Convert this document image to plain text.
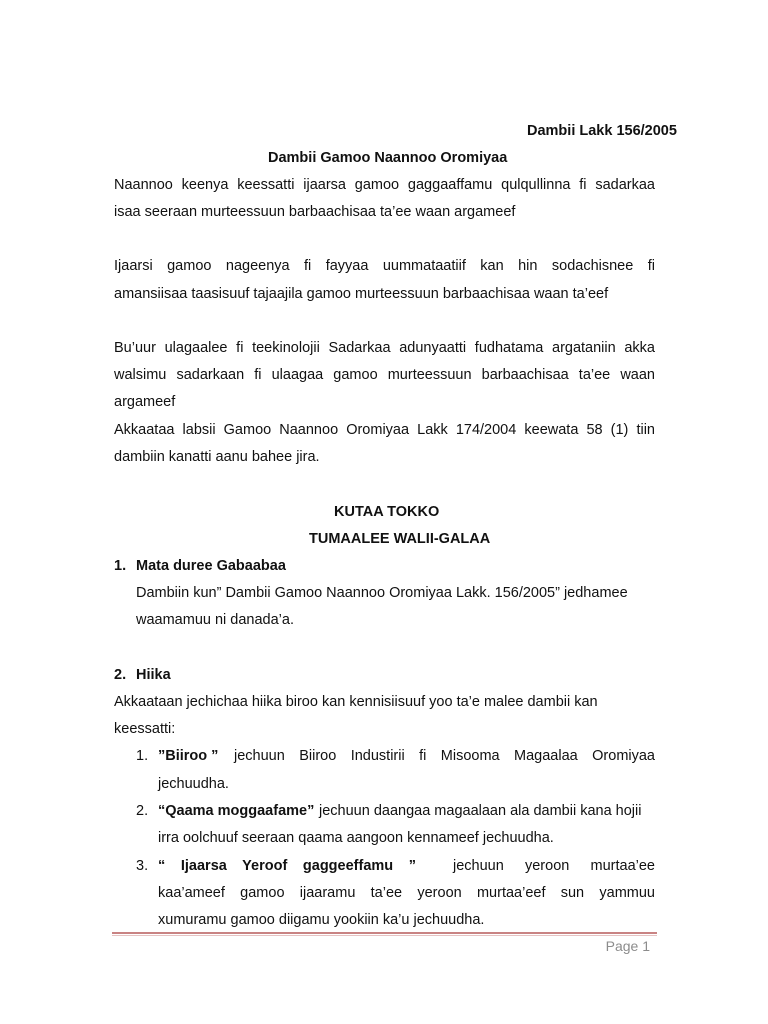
Dambii Lakk 156/2005
Dambii Gamoo Naannoo Oromiyaa
Naannoo keenya keessatti ijaarsa gamoo gaggaaffamu qulqullinna fi sadarkaa
isaa seeraan murteessuun barbaachisaa ta’ee waan argameef
Ijaarsi gamoo nageenya fi fayyaa uummataatiif kan hin sodachisnee fi
amansiisaa taasisuuf tajaajila gamoo murteessuun barbaachisaa waan ta’eef
Bu’uur ulagaalee fi teekinolojii Sadarkaa adunyaatti fudhatama argataniin akka
walsimu sadarkaan fi ulaagaa gamoo murteessuun barbaachisaa ta’ee waan
argameef
Akkaataa labsii Gamoo Naannoo Oromiyaa Lakk 174/2004 keewata 58 (1) tiin
dambiin kanatti aanu bahee jira.
KUTAA TOKKO
TUMAALEE WALII-GALAA
1. Mata duree Gabaabaa
Dambiin kun” Dambii Gamoo Naannoo Oromiyaa Lakk. 156/2005” jedhamee
waamamuu ni danada’a.
2. Hiika
Akkaataan jechichaa hiika biroo kan kennisiisuuf yoo ta’e malee dambii kan
keessatti:
1. ”Biiroo ” jechuun Biiroo Industirii fi Misooma Magaalaa Oromiyaa
jechuudha.
2. “Qaama moggaafame” jechuun daangaa magaalaan ala dambii kana hojii
irra oolchuuf seeraan qaama aangoon kennameef jechuudha.
3. “ Ijaarsa Yeroof gaggeeffamu ”	jechuun yeroon murtaa’ee
kaa’ameef gamoo ijaaramu ta’ee yeroon murtaa’eef sun yammuu
xumuramu gamoo diigamu yookiin ka’u jechuudha.
Page 1
